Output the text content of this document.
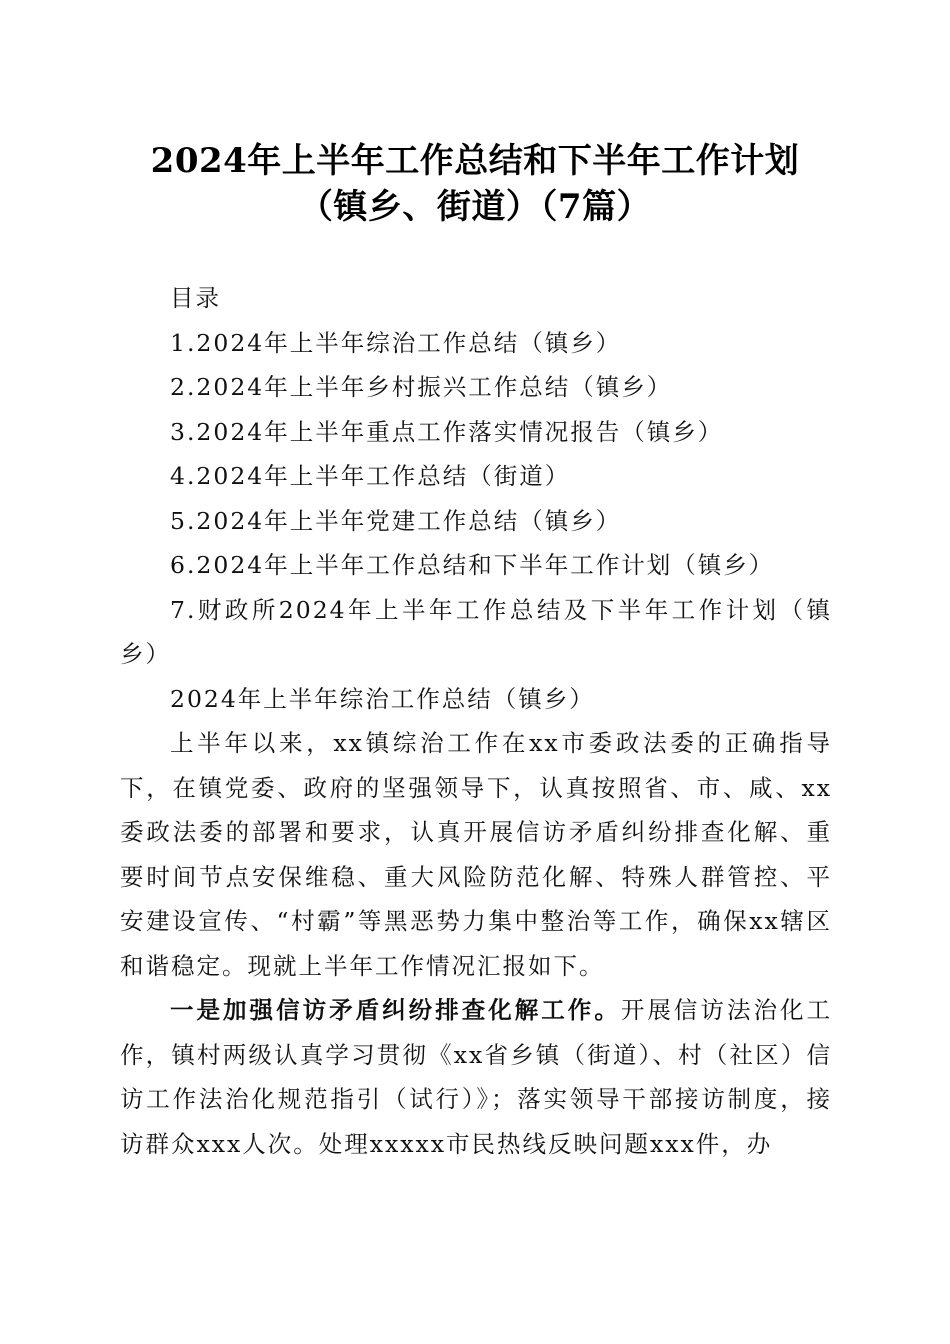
2024年上半年工作总结和下半年工作计划
（镇乡、街道）（7篇）

目录

1.2024年上半年综治工作总结（镇乡）

2.2024年上半年乡村振兴工作总结（镇乡）

3.2024年上半年重点工作落实情况报告（镇乡）

4.2024年上半年工作总结（街道）

5.2024年上半年党建工作总结（镇乡）

6.2024年上半年工作总结和下半年工作计划（镇乡）

7.财政所2024年上半年工作总结及下半年工作计划（镇乡）

2024年上半年综治工作总结（镇乡）

上半年以来，xx镇综治工作在xx市委政法委的正确指导下，在镇党委、政府的坚强领导下，认真按照省、市、咸、xx委政法委的部署和要求，认真开展信访矛盾纠纷排查化解、重要时间节点安保维稳、重大风险防范化解、特殊人群管控、平安建设宣传、“村霸”等黑恶势力集中整治等工作，确保xx辖区和谐稳定。现就上半年工作情况汇报如下。

一是加强信访矛盾纠纷排查化解工作。开展信访法治化工作，镇村两级认真学习贯彻《xx省乡镇（街道）、村（社区）信访工作法治化规范指引（试行）》；落实领导干部接访制度，接访群众xxx人次。处理xxxxx市民热线反映问题xxx件，办
